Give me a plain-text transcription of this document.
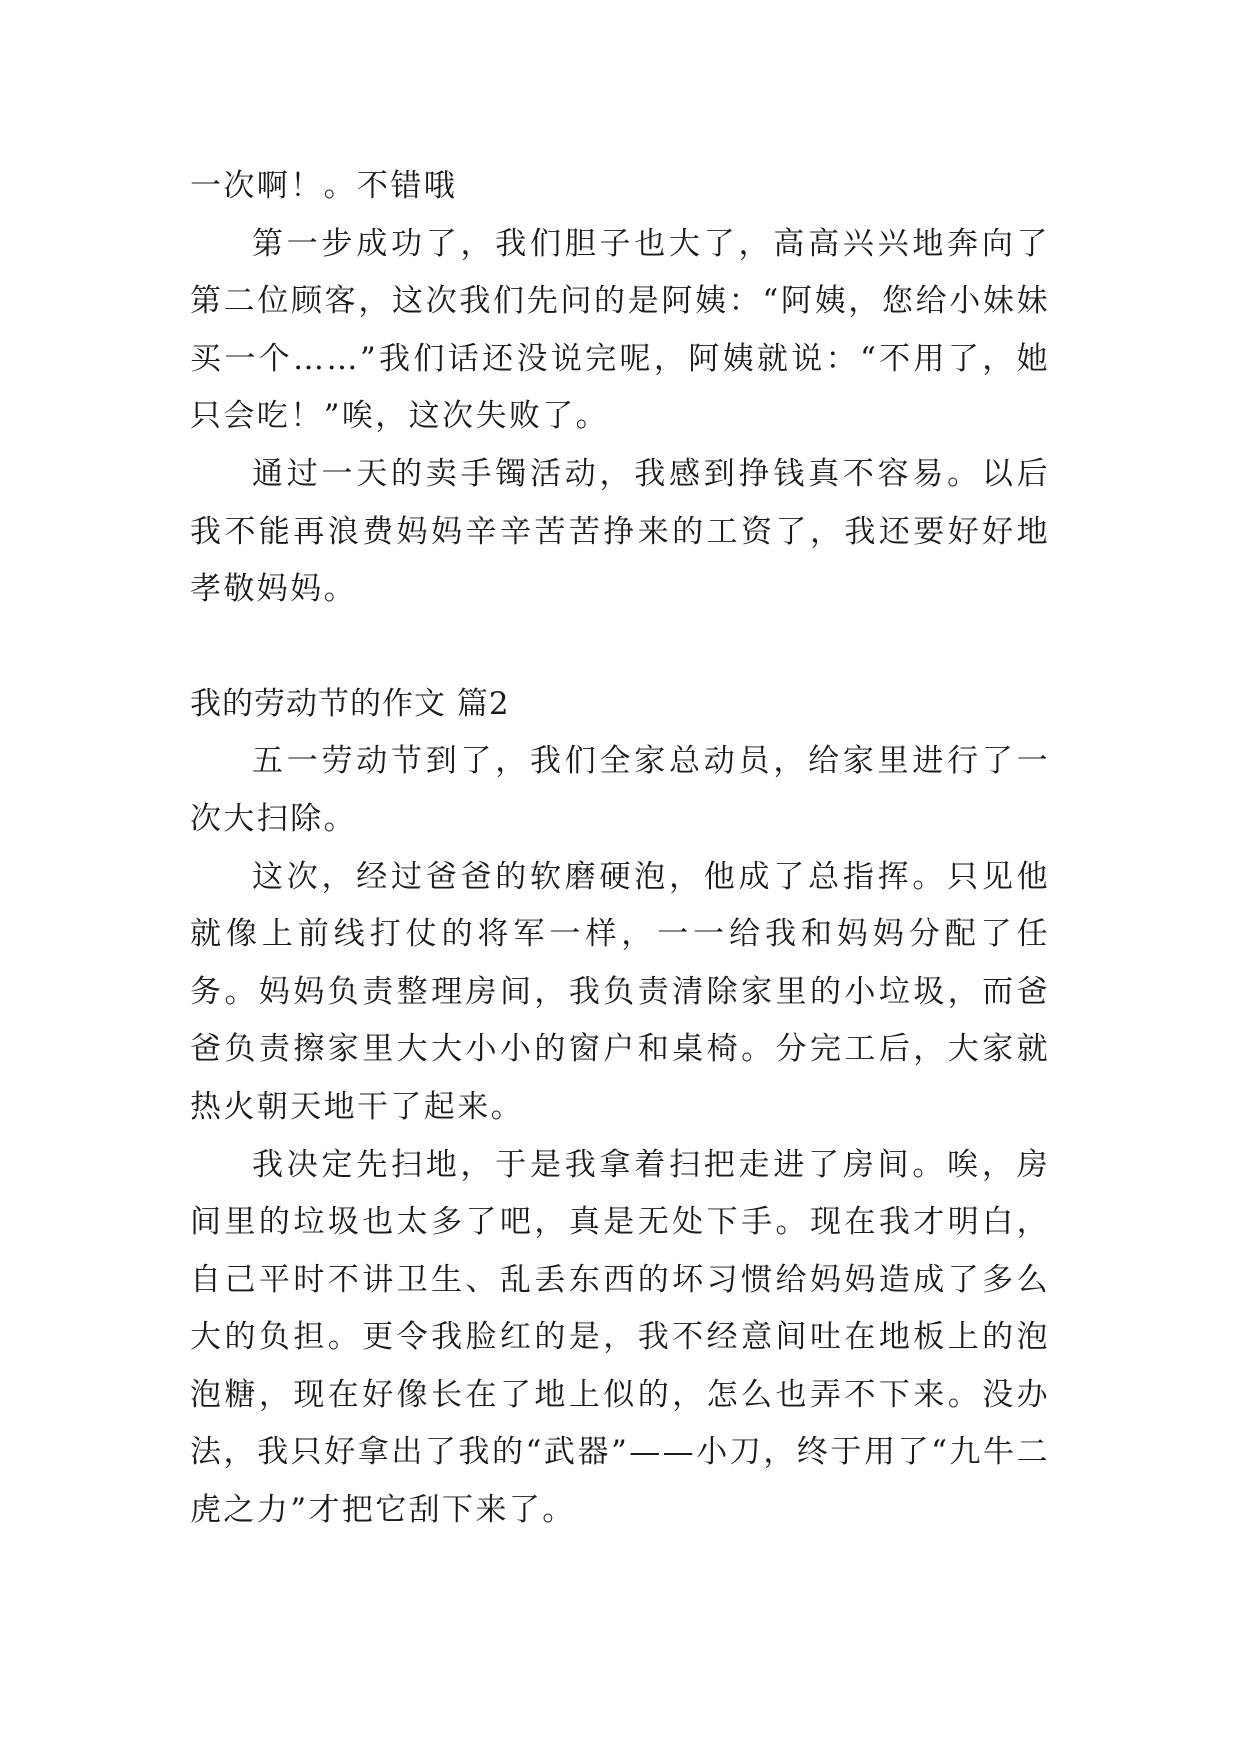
一次啊！。不错哦

第一步成功了，我们胆子也大了，高高兴兴地奔向了第二位顾客，这次我们先问的是阿姨：“阿姨，您给小妹妹买一个……”我们话还没说完呢，阿姨就说：“不用了，她只会吃！”唉，这次失败了。

通过一天的卖手镯活动，我感到挣钱真不容易。以后我不能再浪费妈妈辛辛苦苦挣来的工资了，我还要好好地孝敬妈妈。

我的劳动节的作文 篇2

五一劳动节到了，我们全家总动员，给家里进行了一次大扫除。

这次，经过爸爸的软磨硬泡，他成了总指挥。只见他就像上前线打仗的将军一样，一一给我和妈妈分配了任务。妈妈负责整理房间，我负责清除家里的小垃圾，而爸爸负责擦家里大大小小的窗户和桌椅。分完工后，大家就热火朝天地干了起来。

我决定先扫地，于是我拿着扫把走进了房间。唉，房间里的垃圾也太多了吧，真是无处下手。现在我才明白，自己平时不讲卫生、乱丢东西的坏习惯给妈妈造成了多么大的负担。更令我脸红的是，我不经意间吐在地板上的泡泡糖，现在好像长在了地上似的，怎么也弄不下来。没办法，我只好拿出了我的“武器”——小刀，终于用了“九牛二虎之力”才把它刮下来了。
